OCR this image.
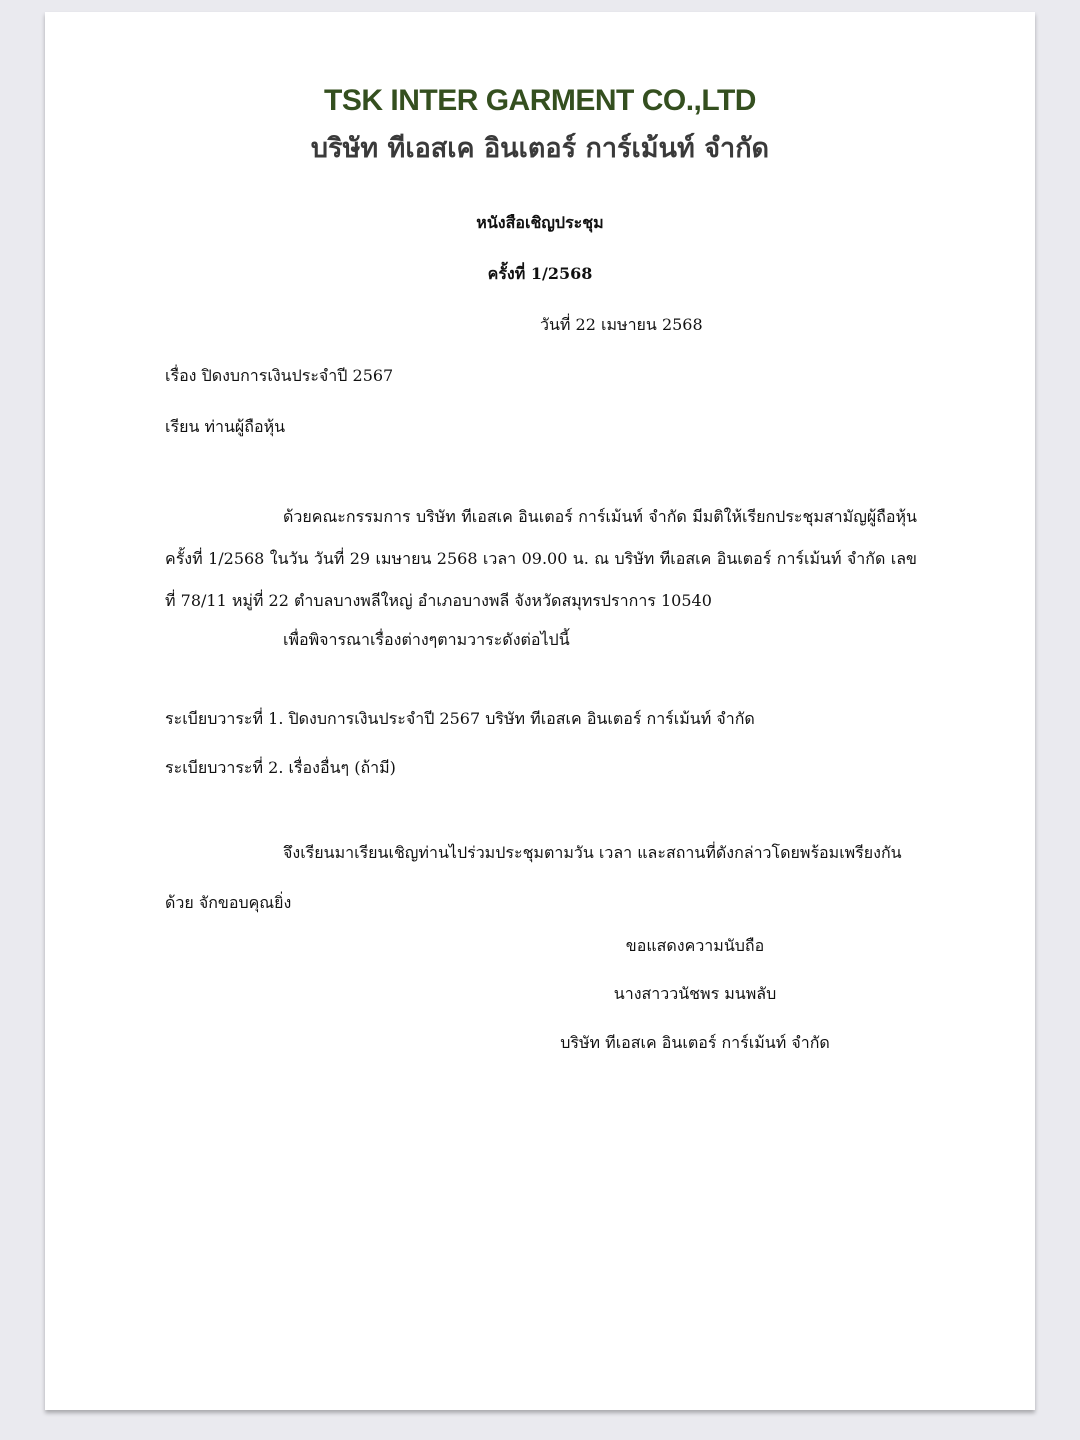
TSK INTER GARMENT CO.,LTD

บริษัท ทีเอสเค อินเตอร์ การ์เม้นท์ จำกัด

หนังสือเชิญประชุม

ครั้งที่ 1/2568

วันที่ 22 เมษายน 2568

เรื่อง ปิดงบการเงินประจำปี 2567

เรียน ท่านผู้ถือหุ้น

ด้วยคณะกรรมการ บริษัท ทีเอสเค อินเตอร์ การ์เม้นท์ จำกัด มีมติให้เรียกประชุมสามัญผู้ถือหุ้น ครั้งที่ 1/2568 ในวัน วันที่ 29 เมษายน 2568 เวลา 09.00 น. ณ บริษัท ทีเอสเค อินเตอร์ การ์เม้นท์ จำกัด เลขที่ 78/11 หมู่ที่ 22 ตำบลบางพลีใหญ่ อำเภอบางพลี จังหวัดสมุทรปราการ 10540

เพื่อพิจารณาเรื่องต่างๆตามวาระดังต่อไปนี้

ระเบียบวาระที่ 1. ปิดงบการเงินประจำปี 2567 บริษัท ทีเอสเค อินเตอร์ การ์เม้นท์ จำกัด

ระเบียบวาระที่ 2. เรื่องอื่นๆ (ถ้ามี)

จึงเรียนมาเรียนเชิญท่านไปร่วมประชุมตามวัน เวลา และสถานที่ดังกล่าวโดยพร้อมเพรียงกันด้วย จักขอบคุณยิ่ง

ขอแสดงความนับถือ

นางสาววนัชพร มนพลับ

บริษัท ทีเอสเค อินเตอร์ การ์เม้นท์ จำกัด
